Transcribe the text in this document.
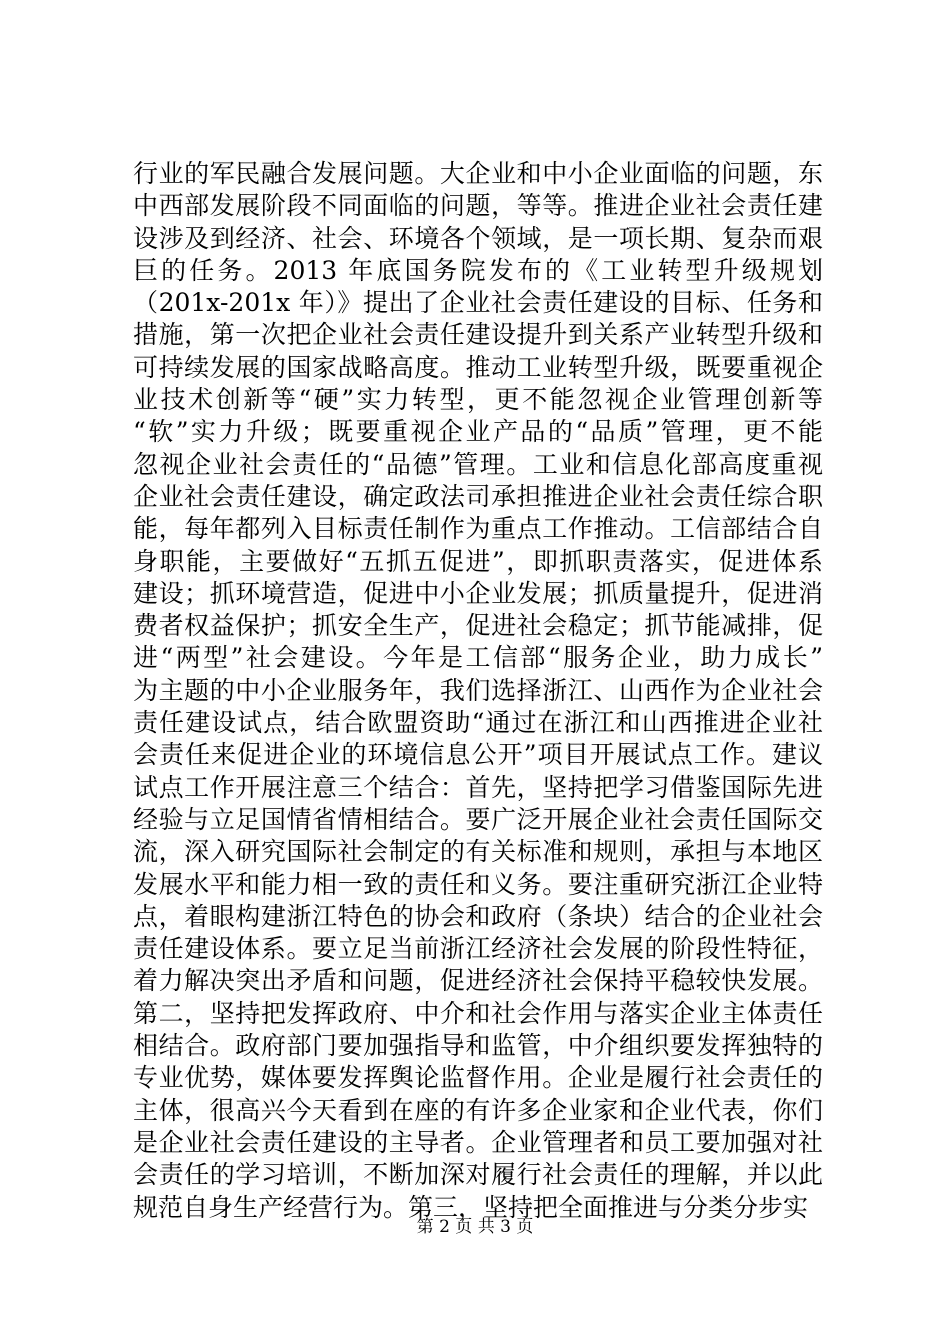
行业的军民融合发展问题。大企业和中小企业面临的问题，东
中西部发展阶段不同面临的问题，等等。推进企业社会责任建
设涉及到经济、社会、环境各个领域，是一项长期、复杂而艰
巨的任务。2013 年底国务院发布的《工业转型升级规划
（201x-201x 年）》提出了企业社会责任建设的目标、任务和
措施，第一次把企业社会责任建设提升到关系产业转型升级和
可持续发展的国家战略高度。推动工业转型升级，既要重视企
业技术创新等“硬”实力转型，更不能忽视企业管理创新等
“软”实力升级；既要重视企业产品的“品质”管理，更不能
忽视企业社会责任的“品德”管理。工业和信息化部高度重视
企业社会责任建设，确定政法司承担推进企业社会责任综合职
能，每年都列入目标责任制作为重点工作推动。工信部结合自
身职能，主要做好“五抓五促进”，即抓职责落实，促进体系
建设；抓环境营造，促进中小企业发展；抓质量提升，促进消
费者权益保护；抓安全生产，促进社会稳定；抓节能减排，促
进“两型”社会建设。今年是工信部“服务企业，助力成长”
为主题的中小企业服务年，我们选择浙江、山西作为企业社会
责任建设试点，结合欧盟资助“通过在浙江和山西推进企业社
会责任来促进企业的环境信息公开”项目开展试点工作。建议
试点工作开展注意三个结合：首先，坚持把学习借鉴国际先进
经验与立足国情省情相结合。要广泛开展企业社会责任国际交
流，深入研究国际社会制定的有关标准和规则，承担与本地区
发展水平和能力相一致的责任和义务。要注重研究浙江企业特
点，着眼构建浙江特色的协会和政府（条块）结合的企业社会
责任建设体系。要立足当前浙江经济社会发展的阶段性特征，
着力解决突出矛盾和问题，促进经济社会保持平稳较快发展。
第二，坚持把发挥政府、中介和社会作用与落实企业主体责任
相结合。政府部门要加强指导和监管，中介组织要发挥独特的
专业优势，媒体要发挥舆论监督作用。企业是履行社会责任的
主体，很高兴今天看到在座的有许多企业家和企业代表，你们
是企业社会责任建设的主导者。企业管理者和员工要加强对社
会责任的学习培训，不断加深对履行社会责任的理解，并以此
规范自身生产经营行为。第三，坚持把全面推进与分类分步实
第 2 页 共 3 页
